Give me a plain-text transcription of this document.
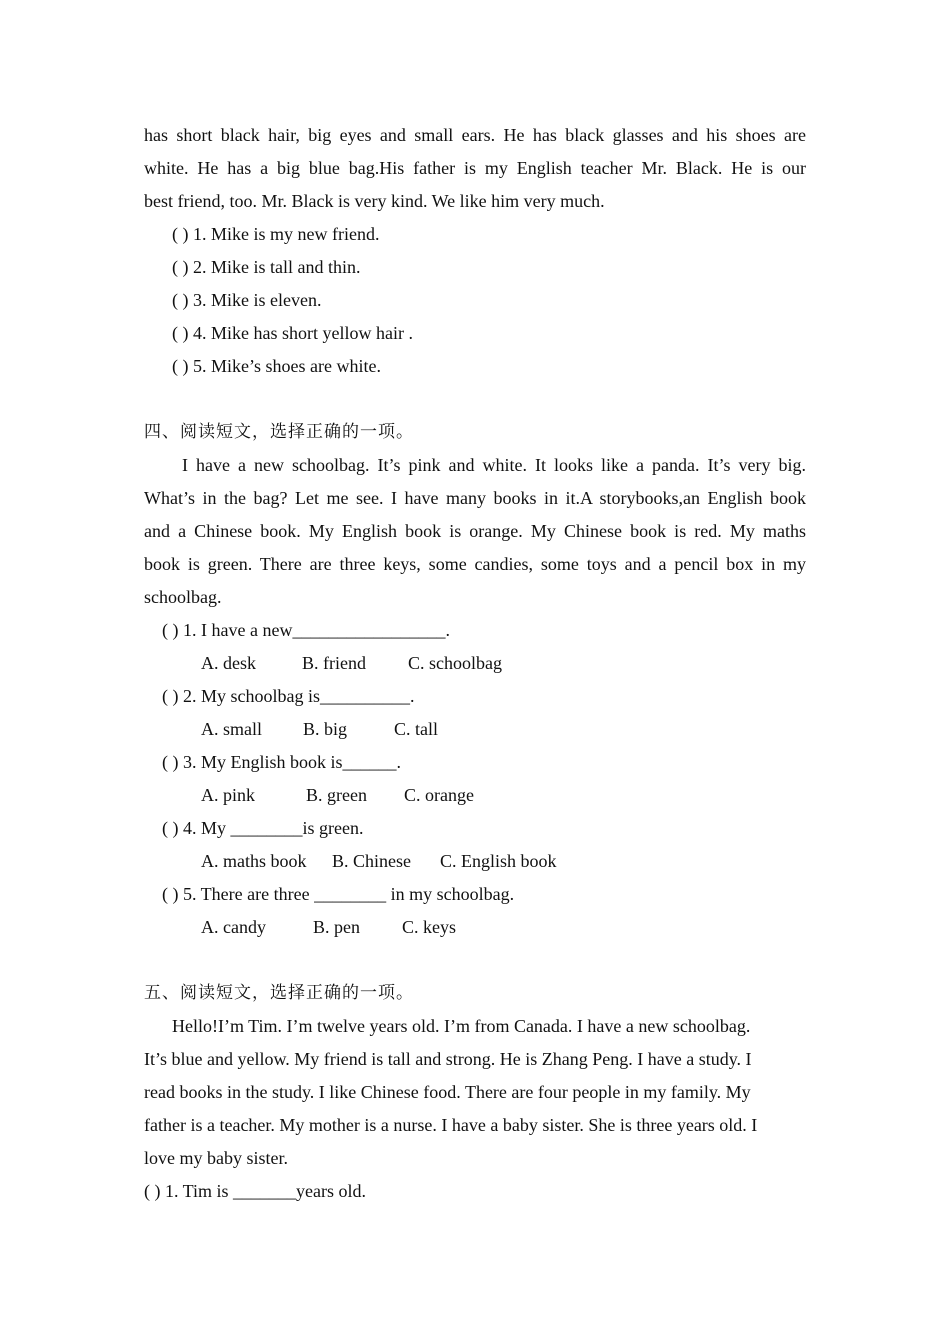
has short black hair, big eyes and small ears. He has black glasses and his shoes are
white. He has a big blue bag.His father is my English teacher Mr. Black. He is our
best friend, too. Mr. Black is very kind. We like him very much.
( ) 1. Mike is my new friend.
( ) 2. Mike is tall and thin.
( ) 3. Mike is eleven.
( ) 4. Mike has short yellow hair .
( ) 5. Mike’s shoes are white.
四、阅读短文，选择正确的一项。
I have a new schoolbag. It’s pink and white. It looks like a panda. It’s very big.
What’s in the bag? Let me see. I have many books in it.A storybooks,an English book
and a Chinese book. My English book is orange. My Chinese book is red. My maths
book is green. There are three keys, some candies, some toys and a pencil box in my
schoolbag.
( ) 1. I have a new_________________.
A. desk	B. friend C. schoolbag
( ) 2. My schoolbag is__________.
A. small B. big	C. tall
( ) 3. My English book is______.
A. pink	B. green C. orange
( ) 4. My ________is green.
A. maths book B. Chinese C. English book
( ) 5. There are three ________ in my schoolbag.
A. candy	B. pen C. keys
五、阅读短文，选择正确的一项。
Hello!I’m Tim. I’m twelve years old. I’m from Canada. I have a new schoolbag.
It’s blue and yellow. My friend is tall and strong. He is Zhang Peng. I have a study. I
read books in the study. I like Chinese food. There are four people in my family. My
father is a teacher. My mother is a nurse. I have a baby sister. She is three years old. I
love my baby sister.
( ) 1. Tim is _______years old.
